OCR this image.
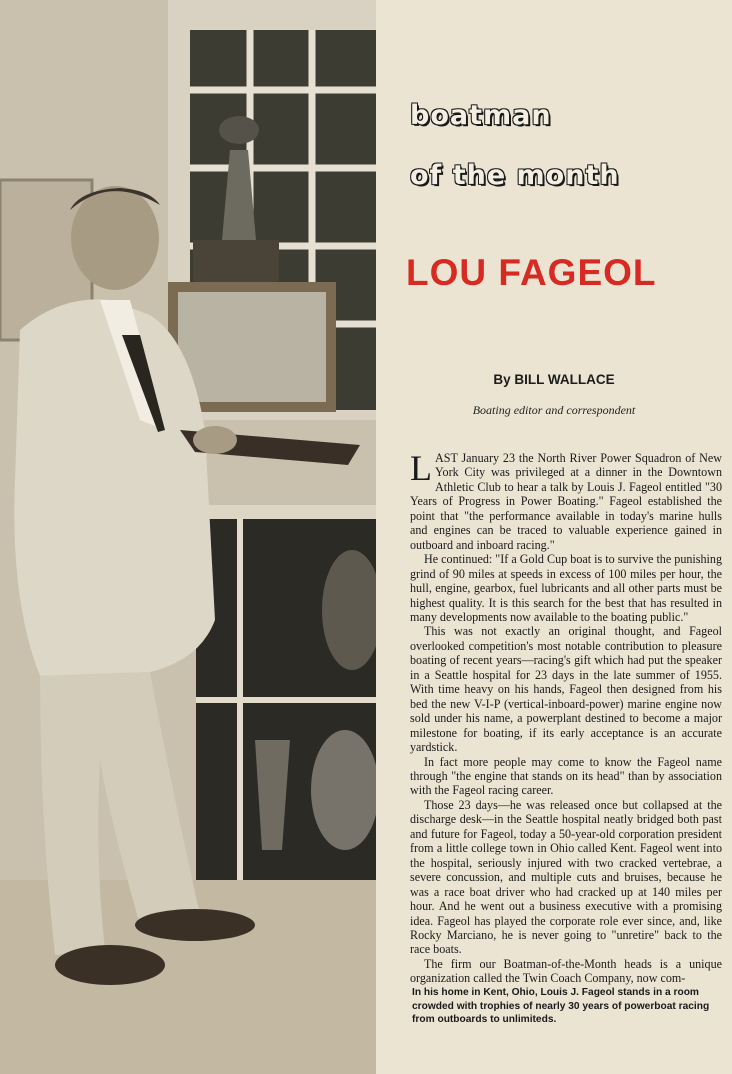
boatman
of the month
LOU FAGEOL
By BILL WALLACE
Boating editor and correspondent

LAST January 23 the North River Power Squadron of New York City was privileged at a dinner in the Downtown Athletic Club to hear a talk by Louis J. Fageol entitled "30 Years of Progress in Power Boating." Fageol established the point that "the performance available in today's marine hulls and engines can be traced to valuable experience gained in outboard and inboard racing."

He continued: "If a Gold Cup boat is to survive the punishing grind of 90 miles at speeds in excess of 100 miles per hour, the hull, engine, gearbox, fuel lubricants and all other parts must be highest quality. It is this search for the best that has resulted in many developments now available to the boating public."

This was not exactly an original thought, and Fageol overlooked competition's most notable contribution to pleasure boating of recent years—racing's gift which had put the speaker in a Seattle hospital for 23 days in the late summer of 1955. With time heavy on his hands, Fageol then designed from his bed the new V-I-P (vertical-inboard-power) marine engine now sold under his name, a powerplant destined to become a major milestone for boating, if its early acceptance is an accurate yardstick.

In fact more people may come to know the Fageol name through "the engine that stands on its head" than by association with the Fageol racing career.

Those 23 days—he was released once but collapsed at the discharge desk—in the Seattle hospital neatly bridged both past and future for Fageol, today a 50-year-old corporation president from a little college town in Ohio called Kent. Fageol went into the hospital, seriously injured with two cracked vertebrae, a severe concussion, and multiple cuts and bruises, because he was a race boat driver who had cracked up at 140 miles per hour. And he went out a business executive with a promising idea. Fageol has played the corporate role ever since, and, like Rocky Marciano, he is never going to "unretire" back to the race boats.

The firm our Boatman-of-the-Month heads is a unique organization called the Twin Coach Company, now com-

In his home in Kent, Ohio, Louis J. Fageol stands in a room crowded with trophies of nearly 30 years of powerboat racing from outboards to unlimiteds.
